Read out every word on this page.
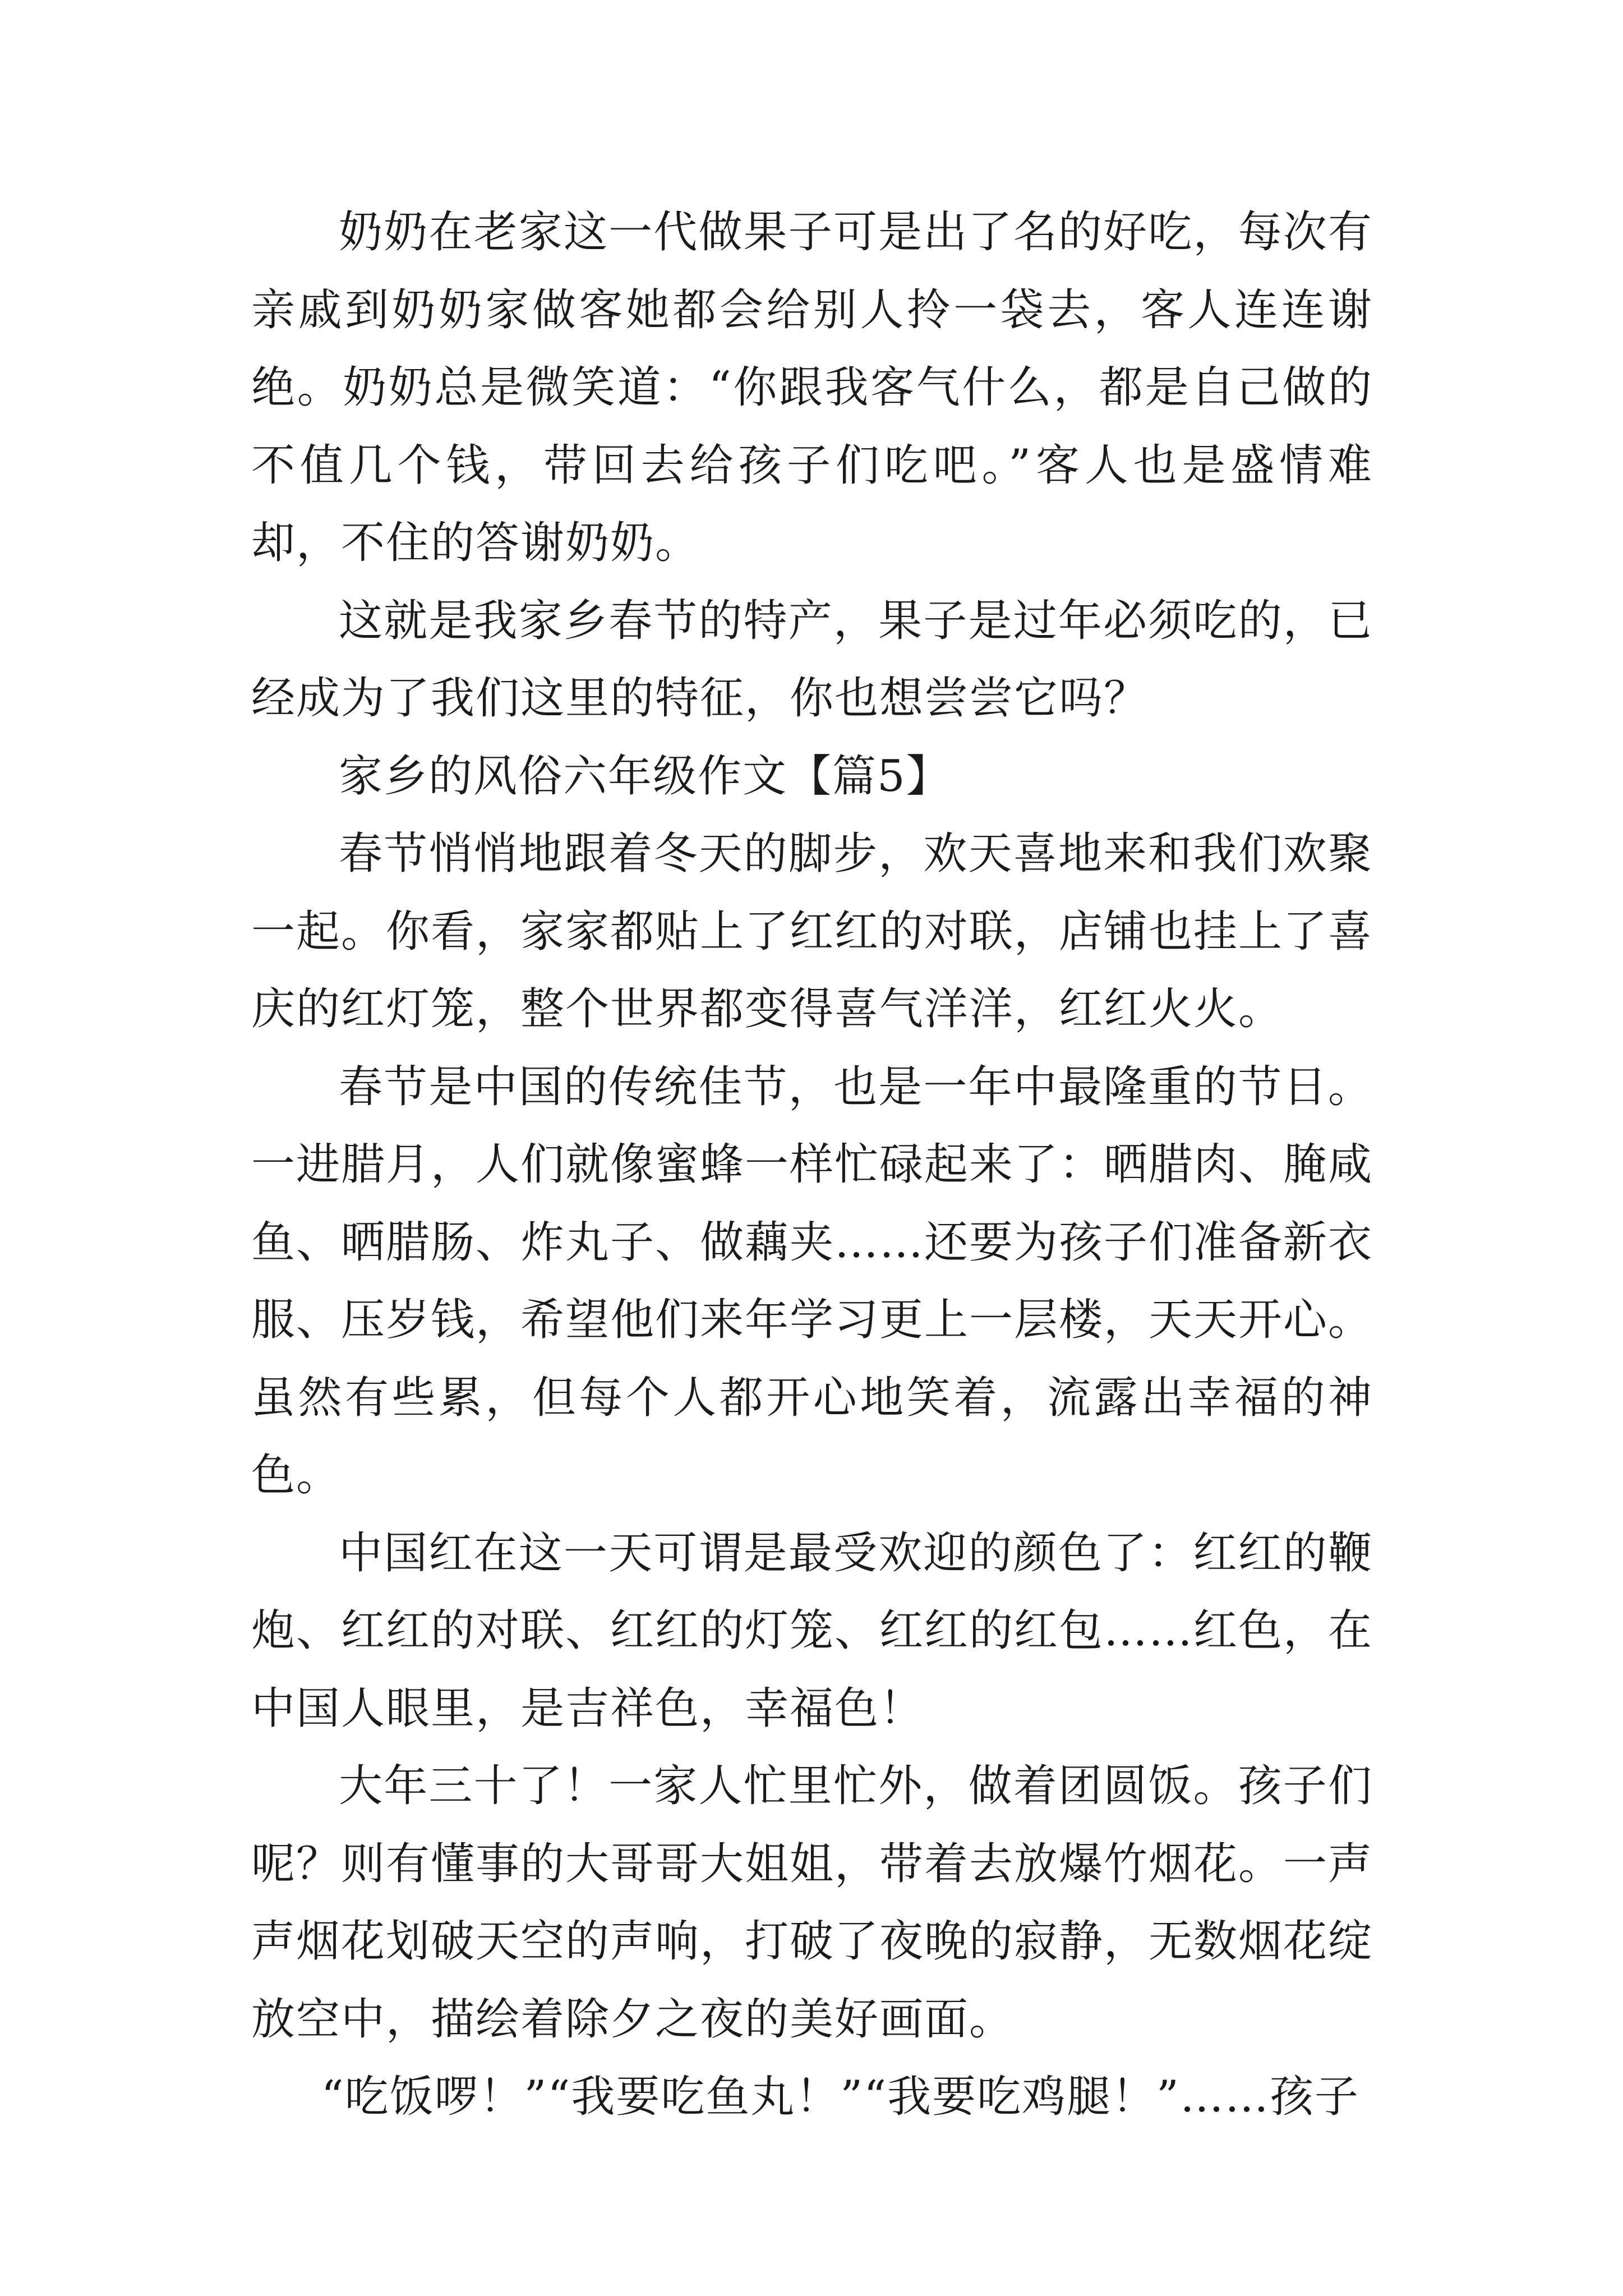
奶奶在老家这一代做果子可是出了名的好吃，每次有亲戚到奶奶家做客她都会给别人拎一袋去，客人连连谢绝。奶奶总是微笑道：“你跟我客气什么，都是自己做的不值几个钱，带回去给孩子们吃吧。”客人也是盛情难却，不住的答谢奶奶。

这就是我家乡春节的特产，果子是过年必须吃的，已经成为了我们这里的特征，你也想尝尝它吗？

家乡的风俗六年级作文【篇5】

春节悄悄地跟着冬天的脚步，欢天喜地来和我们欢聚一起。你看，家家都贴上了红红的对联，店铺也挂上了喜庆的红灯笼，整个世界都变得喜气洋洋，红红火火。

春节是中国的传统佳节，也是一年中最隆重的节日。一进腊月，人们就像蜜蜂一样忙碌起来了：晒腊肉、腌咸鱼、晒腊肠、炸丸子、做藕夹……还要为孩子们准备新衣服、压岁钱，希望他们来年学习更上一层楼，天天开心。虽然有些累，但每个人都开心地笑着，流露出幸福的神色。

中国红在这一天可谓是最受欢迎的颜色了：红红的鞭炮、红红的对联、红红的灯笼、红红的红包……红色，在中国人眼里，是吉祥色，幸福色！

大年三十了！一家人忙里忙外，做着团圆饭。孩子们呢？则有懂事的大哥哥大姐姐，带着去放爆竹烟花。一声声烟花划破天空的声响，打破了夜晚的寂静，无数烟花绽放空中，描绘着除夕之夜的美好画面。

“吃饭啰！”“我要吃鱼丸！”“我要吃鸡腿！”……孩子
